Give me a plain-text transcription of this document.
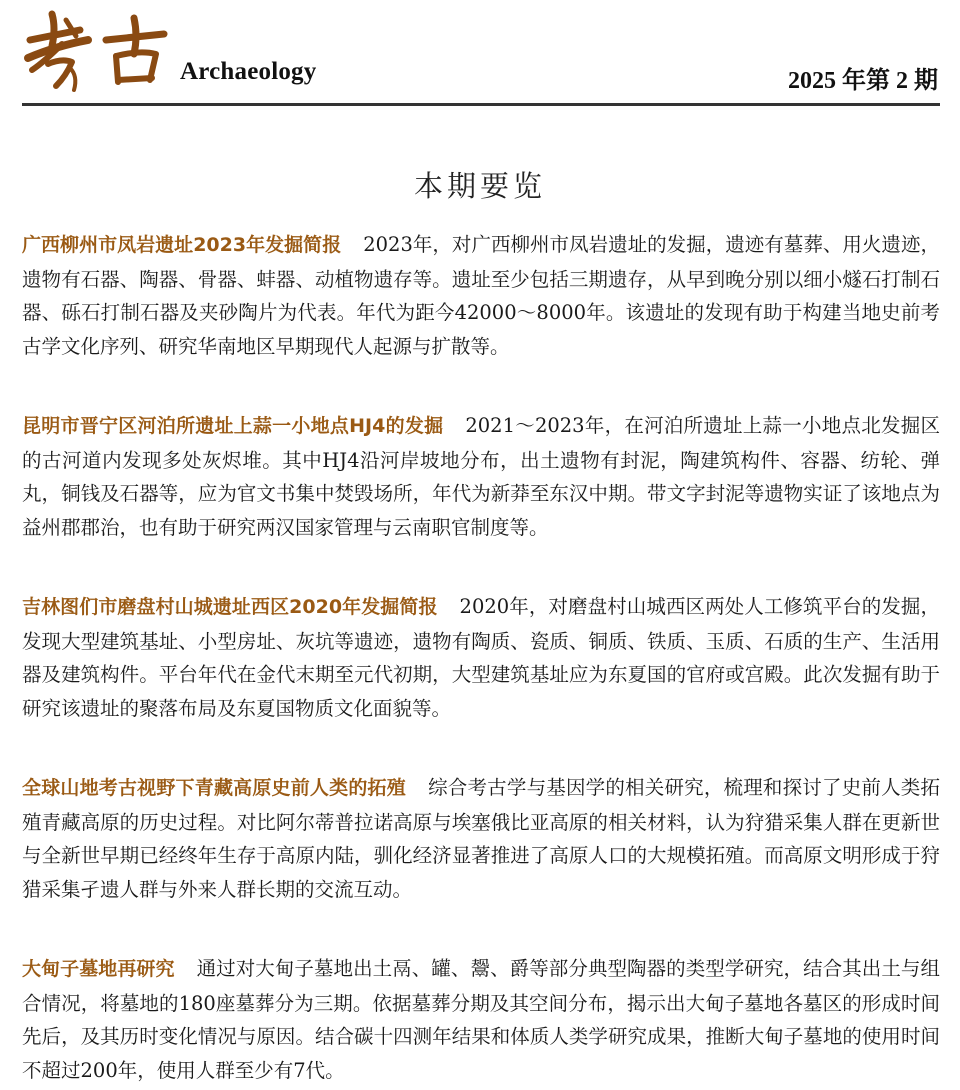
Archaeology	2025 年第 2 期
本期要览

广西柳州市凤岩遗址2023年发掘简报 2023年，对广西柳州市凤岩遗址的发掘，遗迹有墓葬、用火遗迹，遗物有石器、陶器、骨器、蚌器、动植物遗存等。遗址至少包括三期遗存，从早到晚分别以细小燧石打制石器、砾石打制石器及夹砂陶片为代表。年代为距今42000～8000年。该遗址的发现有助于构建当地史前考古学文化序列、研究华南地区早期现代人起源与扩散等。

昆明市晋宁区河泊所遗址上蒜一小地点HJ4的发掘 2021～2023年，在河泊所遗址上蒜一小地点北发掘区的古河道内发现多处灰烬堆。其中HJ4沿河岸坡地分布，出土遗物有封泥，陶建筑构件、容器、纺轮、弹丸，铜钱及石器等，应为官文书集中焚毁场所，年代为新莽至东汉中期。带文字封泥等遗物实证了该地点为益州郡郡治，也有助于研究两汉国家管理与云南职官制度等。

吉林图们市磨盘村山城遗址西区2020年发掘简报 2020年，对磨盘村山城西区两处人工修筑平台的发掘，发现大型建筑基址、小型房址、灰坑等遗迹，遗物有陶质、瓷质、铜质、铁质、玉质、石质的生产、生活用器及建筑构件。平台年代在金代末期至元代初期，大型建筑基址应为东夏国的官府或宫殿。此次发掘有助于研究该遗址的聚落布局及东夏国物质文化面貌等。

全球山地考古视野下青藏高原史前人类的拓殖 综合考古学与基因学的相关研究，梳理和探讨了史前人类拓殖青藏高原的历史过程。对比阿尔蒂普拉诺高原与埃塞俄比亚高原的相关材料，认为狩猎采集人群在更新世与全新世早期已经终年生存于高原内陆，驯化经济显著推进了高原人口的大规模拓殖。而高原文明形成于狩猎采集孑遗人群与外来人群长期的交流互动。

大甸子墓地再研究 通过对大甸子墓地出土鬲、罐、鬶、爵等部分典型陶器的类型学研究，结合其出土与组合情况，将墓地的180座墓葬分为三期。依据墓葬分期及其空间分布，揭示出大甸子墓地各墓区的形成时间先后，及其历时变化情况与原因。结合碳十四测年结果和体质人类学研究成果，推断大甸子墓地的使用时间不超过200年，使用人群至少有7代。
